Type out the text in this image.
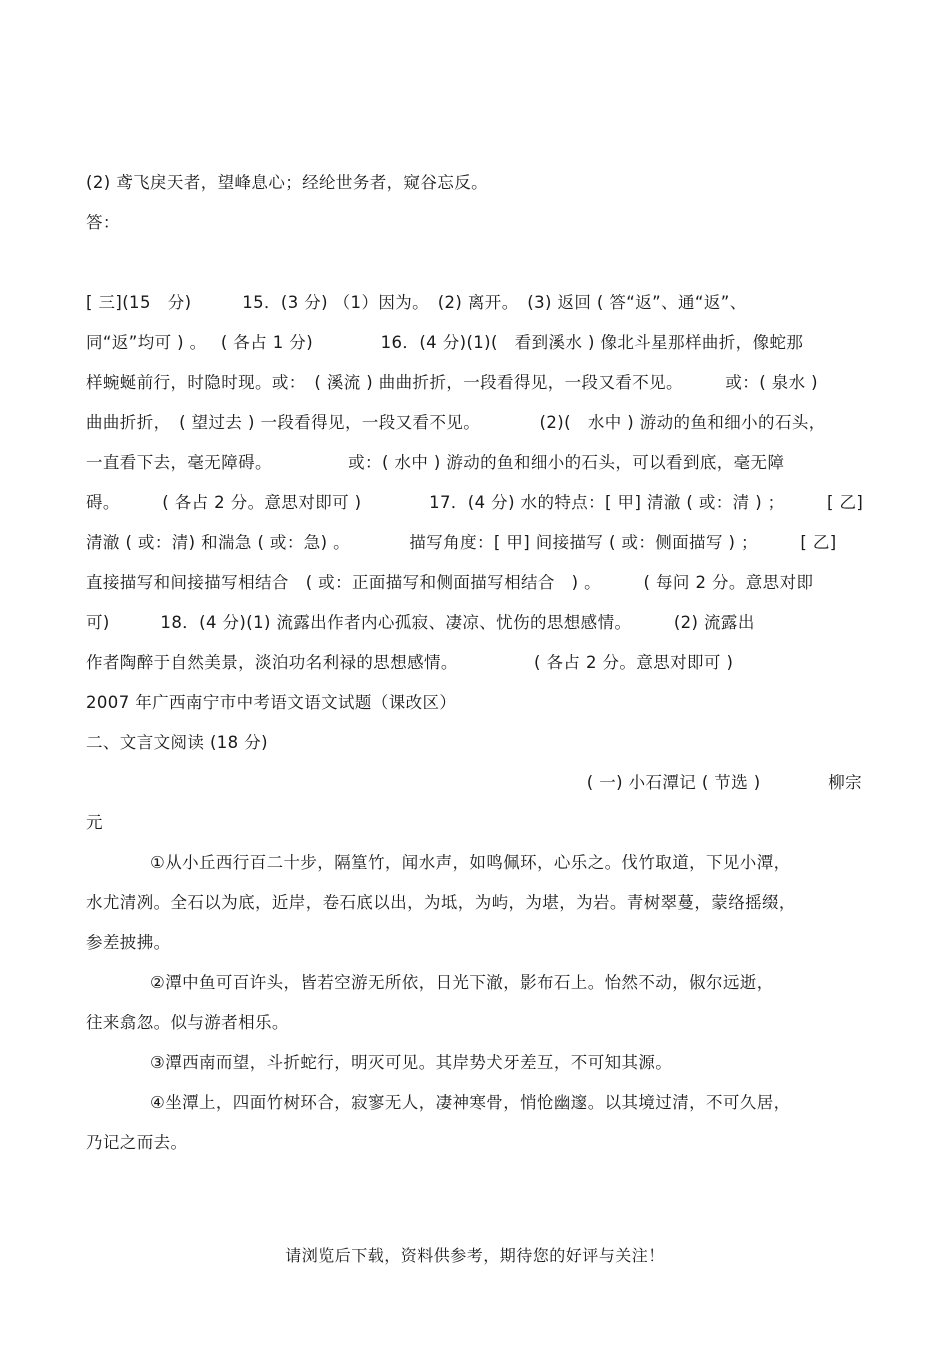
(2) 鸢飞戾天者，望峰息心；经纶世务者，窥谷忘反。
答：
[ 三](15　分)　　　15．(3 分) （1）因为。　(2) 离开。　(3) 返回 ( 答“返”、通“返”、
同“返”均可 ) 。　 ( 各占 1 分)　　　　16．(4 分)(1)(　看到溪水 ) 像北斗星那样曲折，像蛇那
样蜿蜒前行，时隐时现。或：　( 溪流 ) 曲曲折折，一段看得见，一段又看不见。　　　或：( 泉水 )
曲曲折折，　( 望过去 ) 一段看得见，一段又看不见。　　　　(2)(　水中 ) 游动的鱼和细小的石头，
一直看下去，毫无障碍。　　　　　或：( 水中 ) 游动的鱼和细小的石头，可以看到底，毫无障
碍。　　　( 各占 2 分。意思对即可 )　　　　17．(4 分) 水的特点：[ 甲] 清澈 ( 或：清 ) ；　　　[ 乙]
清澈 ( 或：清) 和湍急 ( 或：急) 。　　　　描写角度：[ 甲] 间接描写 ( 或：侧面描写 ) ；　　　[ 乙]
直接描写和间接描写相结合　( 或：正面描写和侧面描写相结合　) 。　　　( 每问 2 分。意思对即
可)　　　18．(4 分)(1) 流露出作者内心孤寂、凄凉、忧伤的思想感情。　　　(2) 流露出
作者陶醉于自然美景，淡泊功名利禄的思想感情。　　　　　( 各占 2 分。意思对即可 )
2007 年广西南宁市中考语文语文试题（课改区）
二、文言文阅读 (18 分)
( 一) 小石潭记 ( 节选 )　　　　柳宗
元
①从小丘西行百二十步，隔篁竹，闻水声，如鸣佩环，心乐之。伐竹取道，下见小潭，
水尤清冽。全石以为底，近岸，卷石底以出，为坻，为屿，为堪，为岩。青树翠蔓，蒙络摇缀，
参差披拂。
②潭中鱼可百许头，皆若空游无所依，日光下澈，影布石上。怡然不动，俶尔远逝，
往来翕忽。似与游者相乐。
③潭西南而望，斗折蛇行，明灭可见。其岸势犬牙差互，不可知其源。
④坐潭上，四面竹树环合，寂寥无人，凄神寒骨，悄怆幽邃。以其境过清，不可久居，
乃记之而去。
请浏览后下载，资料供参考，期待您的好评与关注！
